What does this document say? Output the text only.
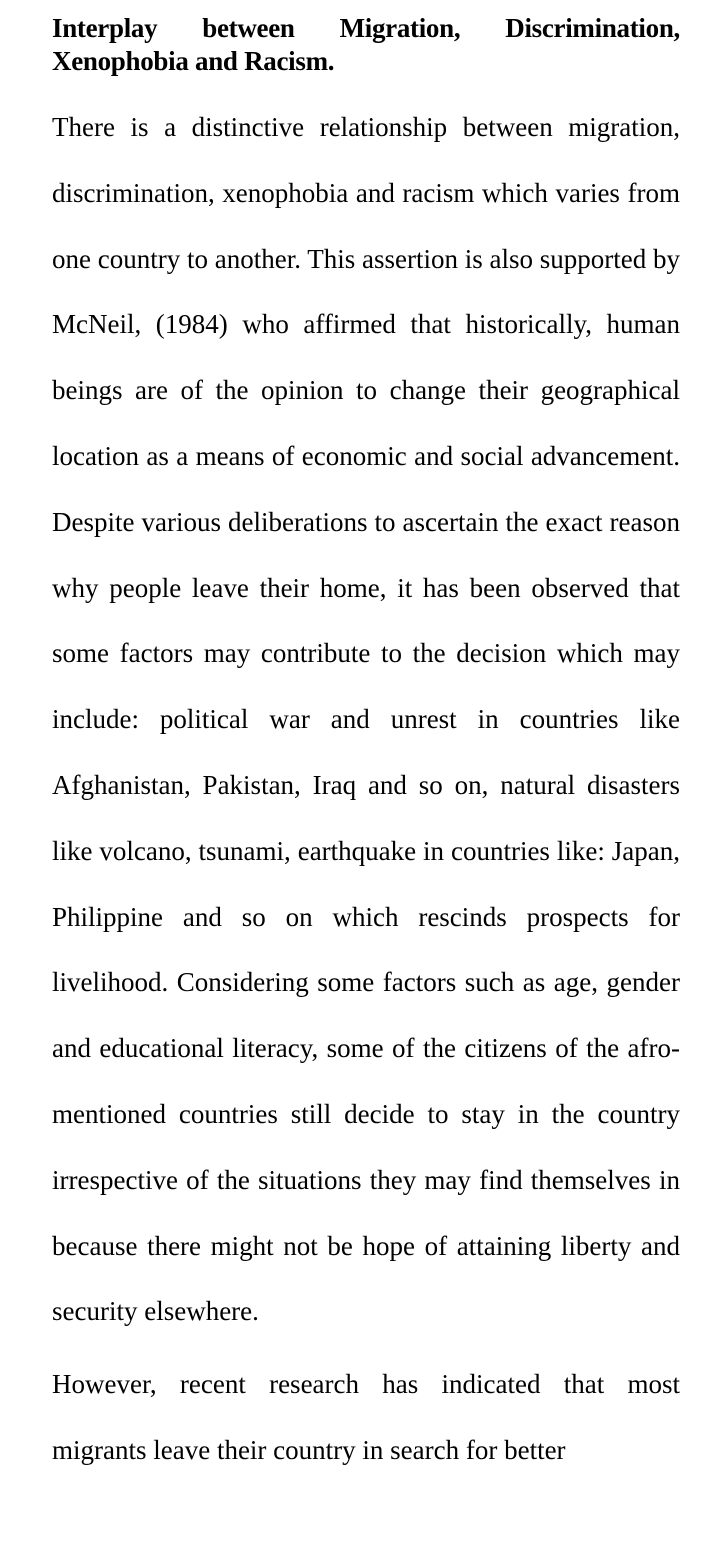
Interplay between Migration, Discrimination, Xenophobia and Racism.

There is a distinctive relationship between migration, discrimination, xenophobia and racism which varies from one country to another. This assertion is also supported by McNeil, (1984) who affirmed that historically, human beings are of the opinion to change their geographical location as a means of economic and social advancement. Despite various deliberations to ascertain the exact reason why people leave their home, it has been observed that some factors may contribute to the decision which may include: political war and unrest in countries like Afghanistan, Pakistan, Iraq and so on, natural disasters like volcano, tsunami, earthquake in countries like: Japan, Philippine and so on which rescinds prospects for livelihood. Considering some factors such as age, gender and educational literacy, some of the citizens of the afro-mentioned countries still decide to stay in the country irrespective of the situations they may find themselves in because there might not be hope of attaining liberty and security elsewhere.

However, recent research has indicated that most migrants leave their country in search for better
